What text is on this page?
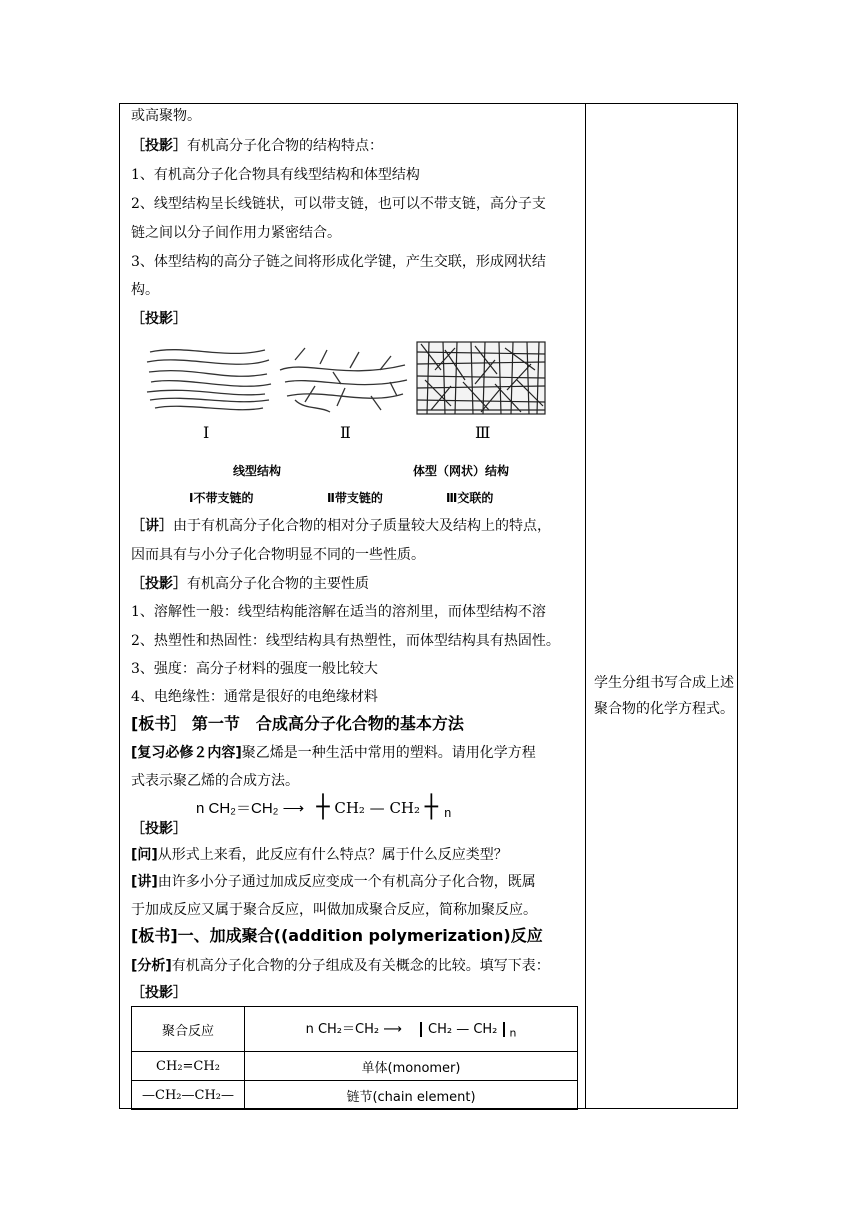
或高聚物。
［投影］有机高分子化合物的结构特点：
1、有机高分子化合物具有线型结构和体型结构
2、线型结构呈长线链状，可以带支链，也可以不带支链，高分子支
链之间以分子间作用力紧密结合。
3、体型结构的高分子链之间将形成化学键，产生交联，形成网状结
构。
［投影］
Ⅰ	Ⅱ	Ⅲ
线型结构	体型（网状）结构
Ⅰ不带支链的	Ⅱ带支链的	Ⅲ交联的
［讲］由于有机高分子化合物的相对分子质量较大及结构上的特点，
因而具有与小分子化合物明显不同的一些性质。
［投影］有机高分子化合物的主要性质
1、溶解性一般：线型结构能溶解在适当的溶剂里，而体型结构不溶
2、热塑性和热固性：线型结构具有热塑性，而体型结构具有热固性。
3、强度：高分子材料的强度一般比较大
4、电绝缘性：通常是很好的电绝缘材料
[板书］ 第一节　合成高分子化合物的基本方法
[复习必修２内容]聚乙烯是一种生活中常用的塑料。请用化学方程
式表示聚乙烯的合成方法。
n CH₂＝CH₂ ⟶ ┼ CH₂ — CH₂ ┼ $_n$
［投影］
[问]从形式上来看，此反应有什么特点？属于什么反应类型？
[讲]由许多小分子通过加成反应变成一个有机高分子化合物，既属
于加成反应又属于聚合反应，叫做加成聚合反应，简称加聚反应。
[板书]一、加成聚合((addition polymerization)反应
[分析]有机高分子化合物的分子组成及有关概念的比较。填写下表：
［投影］
聚合反应	n CH₂＝CH₂ ⟶ CH₂ — CH₂ $_n$
CH₂=CH₂	单体(monomer)
—CH₂—CH₂—	链节(chain element)
学生分组书写合成上述聚合物的化学方程式。
